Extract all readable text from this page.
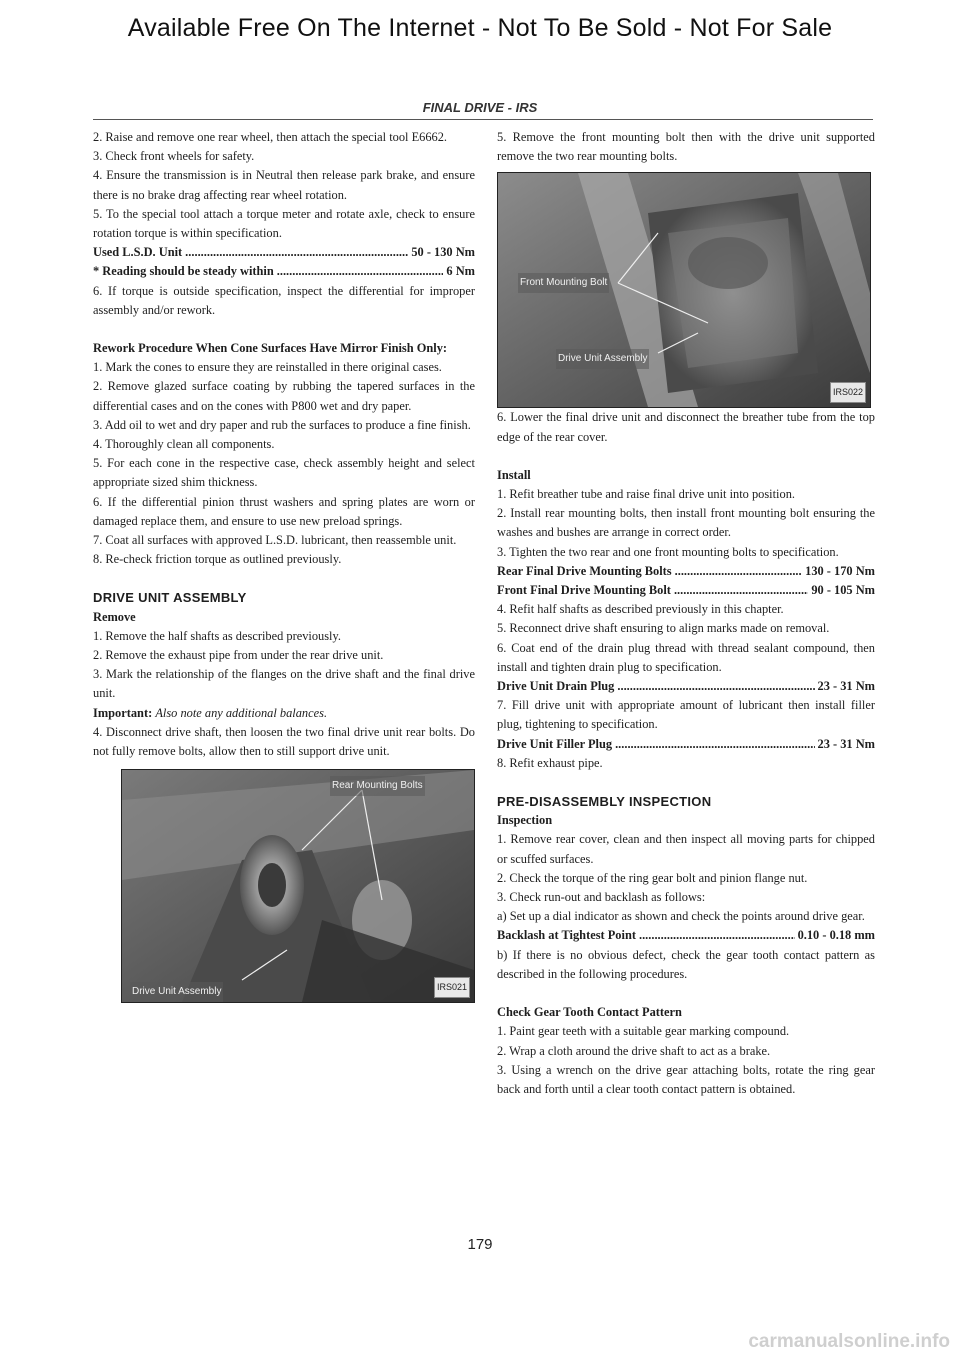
Available Free On The Internet - Not To Be Sold - Not For Sale
FINAL DRIVE - IRS

2. Raise and remove one rear wheel, then attach the special tool E6662.

3. Check front wheels for safety.

4. Ensure the transmission is in Neutral then release park brake, and ensure there is no brake drag affecting rear wheel rotation.

5. To the special tool attach a torque meter and rotate axle, check to ensure rotation torque is within specification.

Used L.S.D. Unit .....	50 - 130 Nm
* Reading should be steady within .....	6 Nm

6. If torque is outside specification, inspect the differential for improper assembly and/or rework.

Rework Procedure When Cone Surfaces Have Mirror Finish Only:

1. Mark the cones to ensure they are reinstalled in there original cases.

2. Remove glazed surface coating by rubbing the tapered surfaces in the differential cases and on the cones with P800 wet and dry paper.

3. Add oil to wet and dry paper and rub the surfaces to produce a fine finish.

4. Thoroughly clean all components.

5. For each cone in the respective case, check assembly height and select appropriate sized shim thickness.

6. If the differential pinion thrust washers and spring plates are worn or damaged replace them, and ensure to use new preload springs.

7. Coat all surfaces with approved L.S.D. lubricant, then reassemble unit.

8. Re-check friction torque as outlined previously.

DRIVE UNIT ASSEMBLY

Remove

1. Remove the half shafts as described previously.

2. Remove the exhaust pipe from under the rear drive unit.

3. Mark the relationship of the flanges on the drive shaft and the final drive unit.

Important: Also note any additional balances.

4. Disconnect drive shaft, then loosen the two final drive unit rear bolts. Do not fully remove bolts, allow then to still support drive unit.

Rear Mounting Bolts
Drive Unit Assembly	IRS021

5. Remove the front mounting bolt then with the drive unit supported remove the two rear mounting bolts.

Front Mounting Bolt
Drive Unit Assembly
IRS022

6. Lower the final drive unit and disconnect the breather tube from the top edge of the rear cover.

Install

1. Refit breather tube and raise final drive unit into position.

2. Install rear mounting bolts, then install front mounting bolt ensuring the washes and bushes are arrange in correct order.

3. Tighten the two rear and one front mounting bolts to specification.

Rear Final Drive Mounting Bolts .....	130 - 170 Nm
Front Final Drive Mounting Bolt .....	90 - 105 Nm

4. Refit half shafts as described previously in this chapter.

5. Reconnect drive shaft ensuring to align marks made on removal.

6. Coat end of the drain plug thread with thread sealant compound, then install and tighten drain plug to specification.

Drive Unit Drain Plug .....	23 - 31 Nm

7. Fill drive unit with appropriate amount of lubricant then install filler plug, tightening to specification.

Drive Unit Filler Plug .....	23 - 31 Nm

8. Refit exhaust pipe.

PRE-DISASSEMBLY INSPECTION

Inspection

1. Remove rear cover, clean and then inspect all moving parts for chipped or scuffed surfaces.

2. Check the torque of the ring gear bolt and pinion flange nut.

3. Check run-out and backlash as follows:

a) Set up a dial indicator as shown and check the points around drive gear.

Backlash at Tightest Point .....	0.10 - 0.18 mm

b) If there is no obvious defect, check the gear tooth contact pattern as described in the following procedures.

Check Gear Tooth Contact Pattern

1. Paint gear teeth with a suitable gear marking compound.

2. Wrap a cloth around the drive shaft to act as a brake.

3. Using a wrench on the drive gear attaching bolts, rotate the ring gear back and forth until a clear tooth contact pattern is obtained.

179
carmanualsonline.info
